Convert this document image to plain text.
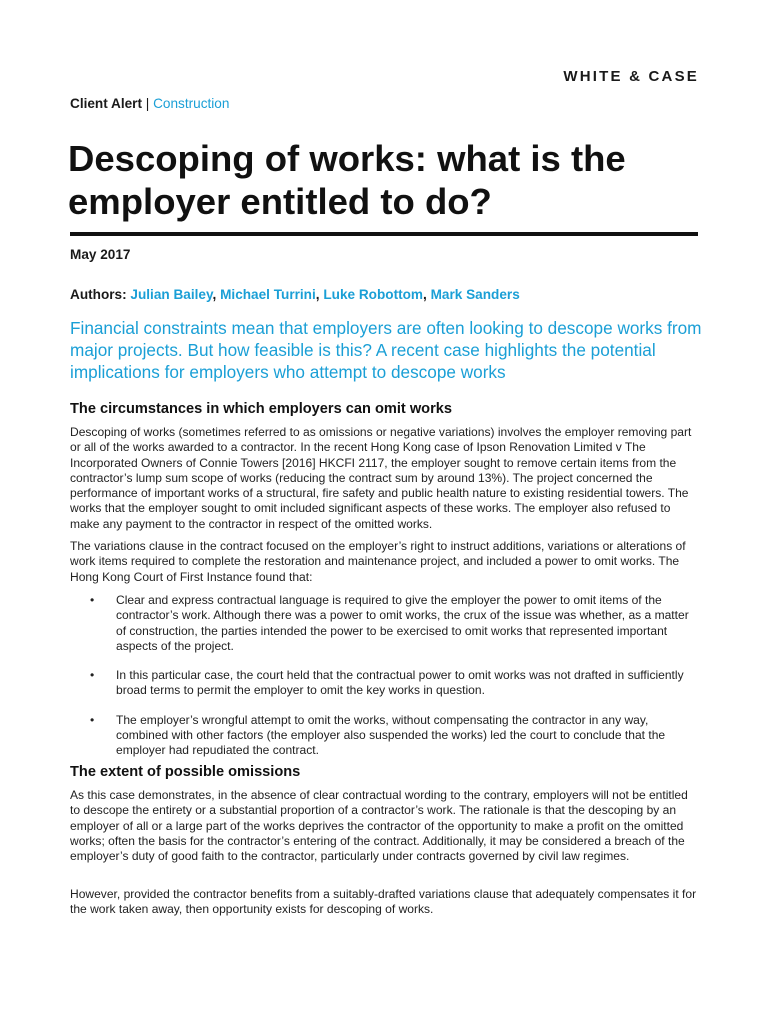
WHITE & CASE
Client Alert | Construction
Descoping of works: what is the employer entitled to do?
May 2017
Authors: Julian Bailey, Michael Turrini, Luke Robottom, Mark Sanders

Financial constraints mean that employers are often looking to descope works from major projects. But how feasible is this? A recent case highlights the potential implications for employers who attempt to descope works

The circumstances in which employers can omit works

Descoping of works (sometimes referred to as omissions or negative variations) involves the employer removing part or all of the works awarded to a contractor. In the recent Hong Kong case of Ipson Renovation Limited v The Incorporated Owners of Connie Towers [2016] HKCFI 2117, the employer sought to remove certain items from the contractor’s lump sum scope of works (reducing the contract sum by around 13%). The project concerned the performance of important works of a structural, fire safety and public health nature to existing residential towers. The works that the employer sought to omit included significant aspects of these works. The employer also refused to make any payment to the contractor in respect of the omitted works.

The variations clause in the contract focused on the employer’s right to instruct additions, variations or alterations of work items required to complete the restoration and maintenance project, and included a power to omit works. The Hong Kong Court of First Instance found that:

• Clear and express contractual language is required to give the employer the power to omit items of the contractor’s work. Although there was a power to omit works, the crux of the issue was whether, as a matter of construction, the parties intended the power to be exercised to omit works that represented important aspects of the project.
• In this particular case, the court held that the contractual power to omit works was not drafted in sufficiently broad terms to permit the employer to omit the key works in question.
• The employer’s wrongful attempt to omit the works, without compensating the contractor in any way, combined with other factors (the employer also suspended the works) led the court to conclude that the employer had repudiated the contract.
The extent of possible omissions

As this case demonstrates, in the absence of clear contractual wording to the contrary, employers will not be entitled to descope the entirety or a substantial proportion of a contractor’s work. The rationale is that the descoping by an employer of all or a large part of the works deprives the contractor of the opportunity to make a profit on the omitted works; often the basis for the contractor’s entering of the contract. Additionally, it may be considered a breach of the employer’s duty of good faith to the contractor, particularly under contracts governed by civil law regimes.

However, provided the contractor benefits from a suitably-drafted variations clause that adequately compensates it for the work taken away, then opportunity exists for descoping of works.
